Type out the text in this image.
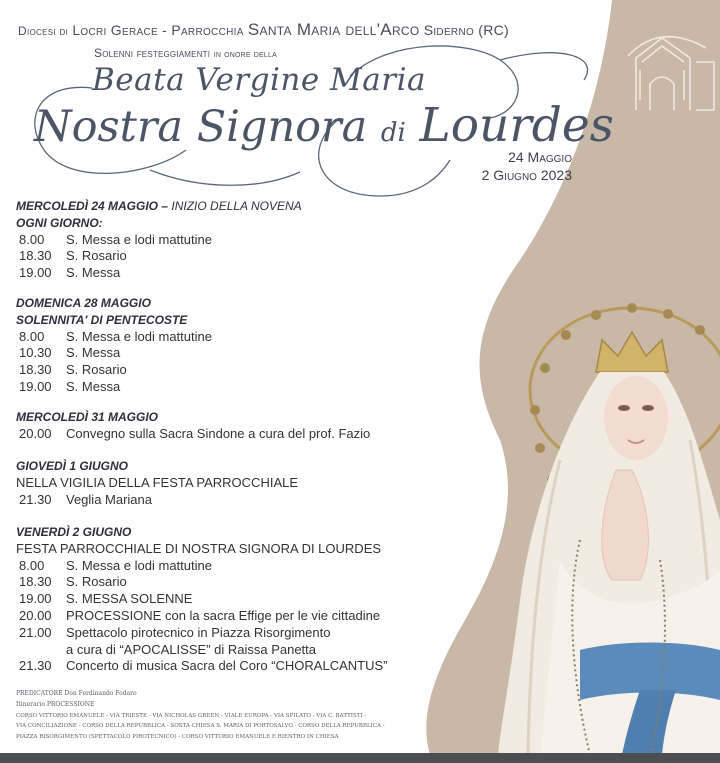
Diocesi di Locri Gerace - Parrocchia Santa Maria dell'Arco Siderno (RC)
Solenni festeggiamenti in onore della
Beata Vergine Maria
Nostra Signora di Lourdes
24 Maggio
2 Giugno 2023
MERCOLEDÌ 24 MAGGIO – INIZIO DELLA NOVENA
OGNI GIORNO:
8.00 S. Messa e lodi mattutine
18.30 S. Rosario
19.00 S. Messa
DOMENICA 28 MAGGIO
SOLENNITA' DI PENTECOSTE
8.00 S. Messa e lodi mattutine
10.30 S. Messa
18.30 S. Rosario
19.00 S. Messa
MERCOLEDÌ 31 MAGGIO
20.00 Convegno sulla Sacra Sindone a cura del prof. Fazio
GIOVEDÌ 1 GIUGNO
NELLA VIGILIA DELLA FESTA PARROCCHIALE
21.30 Veglia Mariana
VENERDÌ 2 GIUGNO
FESTA PARROCCHIALE DI NOSTRA SIGNORA DI LOURDES
8.00 S. Messa e lodi mattutine
18.30 S. Rosario
19.00 S. MESSA SOLENNE
20.00 PROCESSIONE con la sacra Effige per le vie cittadine
21.00 Spettacolo pirotecnico in Piazza Risorgimento
a cura di “APOCALISSE” di Raissa Panetta
21.30 Concerto di musica Sacra del Coro “CHORALCANTUS”
PREDICATORE Don Ferdinando Fodaro
Itinerario PROCESSIONE
CORSO VITTORIO EMANUELE - VIA TRIESTE - VIA NICHOLAS GREEN - VIALE EUROPA - VIA SPILATO - VIA C. BATTISTI -
VIA CONCILIAZIONE - CORSO DELLA REPUBBLICA - SOSTA CHIESA S. MARIA DI PORTOSALVO - CORSO DELLA REPUBBLICA -
PIAZZA RISORGIMENTO (SPETTACOLO PIROTECNICO) - CORSO VITTORIO EMANUELE E RIENTRO IN CHIESA
